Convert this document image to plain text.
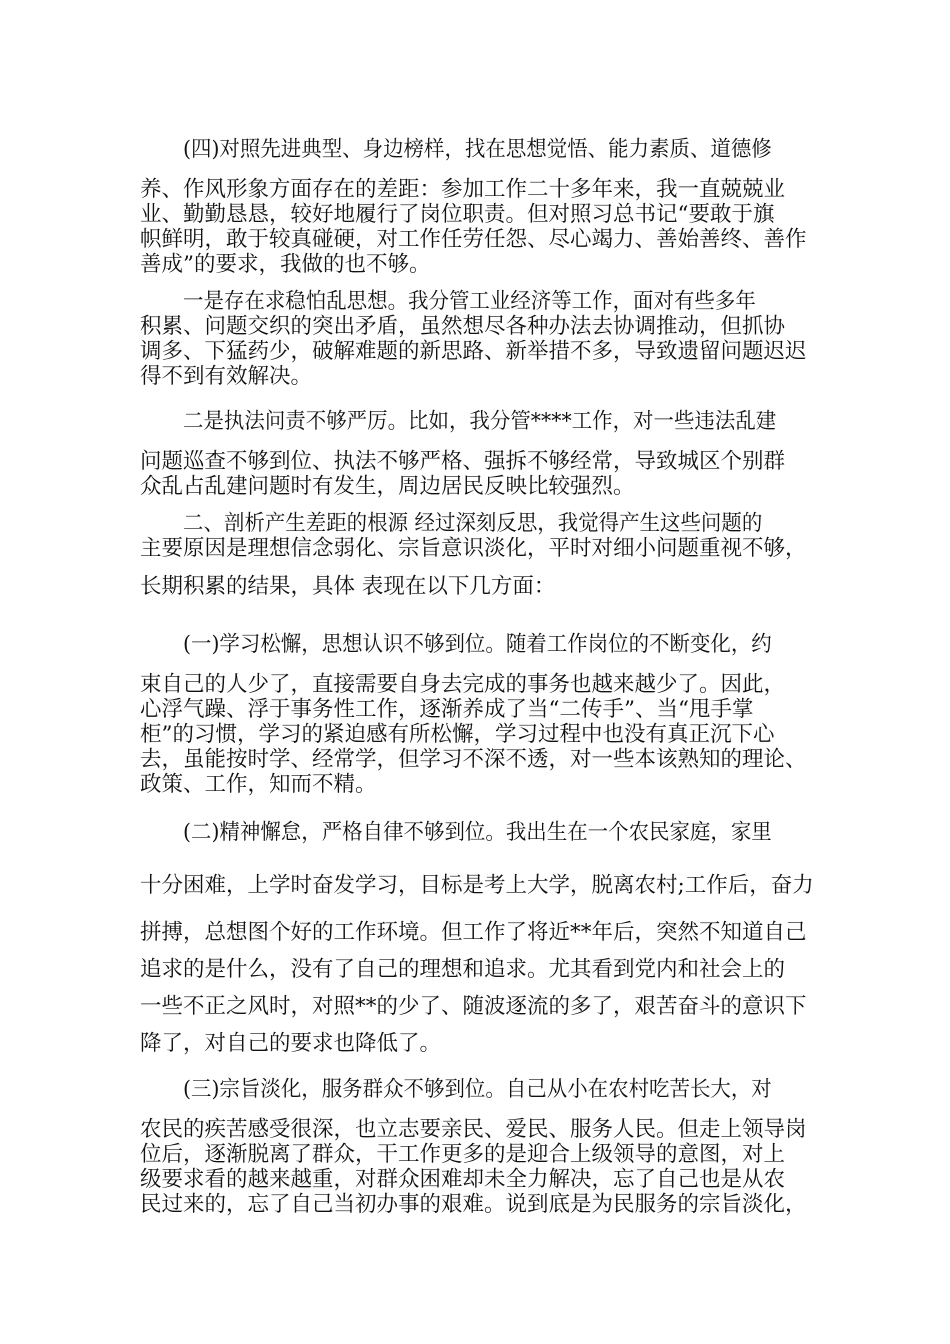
(四)对照先进典型、身边榜样，找在思想觉悟、能力素质、道德修
养、作风形象方面存在的差距：参加工作二十多年来，我一直兢兢业
业、勤勤恳恳，较好地履行了岗位职责。但对照习总书记“要敢于旗
帜鲜明，敢于较真碰硬，对工作任劳任怨、尽心竭力、善始善终、善作
善成”的要求，我做的也不够。
一是存在求稳怕乱思想。我分管工业经济等工作，面对有些多年
积累、问题交织的突出矛盾，虽然想尽各种办法去协调推动，但抓协
调多、下猛药少，破解难题的新思路、新举措不多，导致遗留问题迟迟
得不到有效解决。
二是执法问责不够严厉。比如，我分管****工作，对一些违法乱建
问题巡查不够到位、执法不够严格、强拆不够经常，导致城区个别群
众乱占乱建问题时有发生，周边居民反映比较强烈。
二、剖析产生差距的根源 经过深刻反思，我觉得产生这些问题的
主要原因是理想信念弱化、宗旨意识淡化，平时对细小问题重视不够，
长期积累的结果，具体 表现在以下几方面：
(一)学习松懈，思想认识不够到位。随着工作岗位的不断变化，约
束自己的人少了，直接需要自身去完成的事务也越来越少了。因此，
心浮气躁、浮于事务性工作，逐渐养成了当“二传手”、当“甩手掌
柜”的习惯，学习的紧迫感有所松懈，学习过程中也没有真正沉下心
去，虽能按时学、经常学，但学习不深不透，对一些本该熟知的理论、
政策、工作，知而不精。
(二)精神懈怠，严格自律不够到位。我出生在一个农民家庭，家里
十分困难，上学时奋发学习，目标是考上大学，脱离农村;工作后，奋力
拼搏，总想图个好的工作环境。但工作了将近**年后，突然不知道自己
追求的是什么，没有了自己的理想和追求。尤其看到党内和社会上的
一些不正之风时，对照**的少了、随波逐流的多了，艰苦奋斗的意识下
降了，对自己的要求也降低了。
(三)宗旨淡化，服务群众不够到位。自己从小在农村吃苦长大，对
农民的疾苦感受很深，也立志要亲民、爱民、服务人民。但走上领导岗
位后，逐渐脱离了群众，干工作更多的是迎合上级领导的意图，对上
级要求看的越来越重，对群众困难却未全力解决，忘了自己也是从农
民过来的，忘了自己当初办事的艰难。说到底是为民服务的宗旨淡化，
